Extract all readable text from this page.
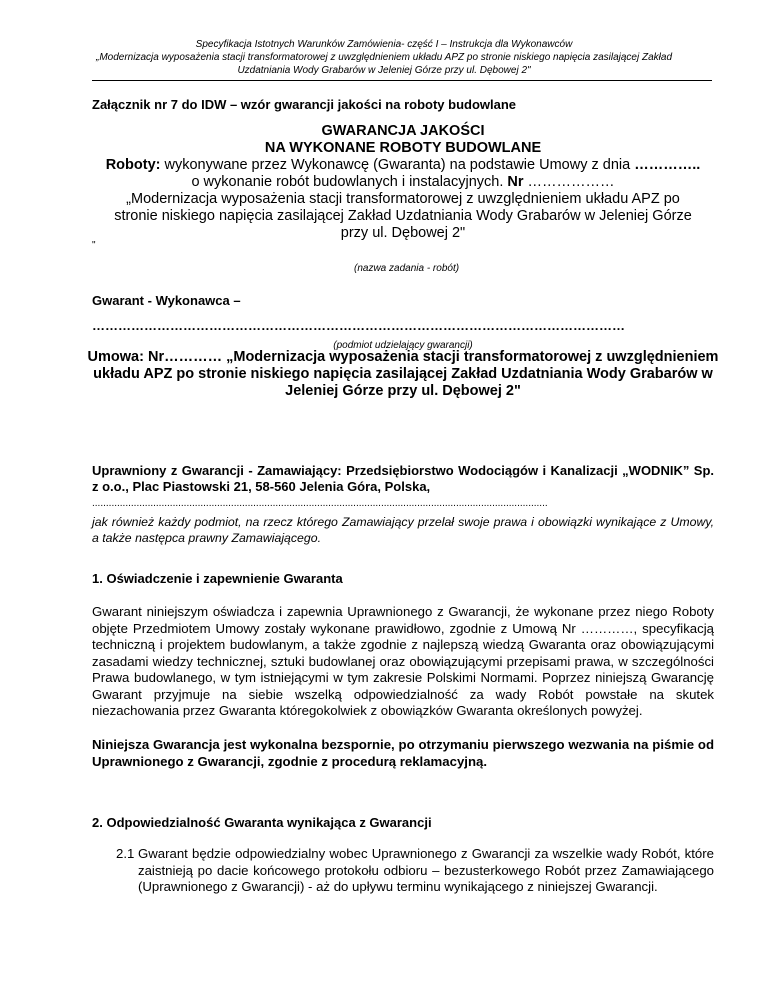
Specyfikacja Istotnych Warunków Zamówienia- część I – Instrukcja dla Wykonawców
„Modernizacja wyposażenia stacji transformatorowej z uwzględnieniem układu APZ po stronie niskiego napięcia zasilającej Zakład
Uzdatniania Wody Grabarów w Jeleniej Górze przy ul. Dębowej 2"
Załącznik nr 7 do IDW – wzór gwarancji jakości na roboty budowlane
GWARANCJA JAKOŚCI
NA WYKONANE ROBOTY BUDOWLANE
Roboty: wykonywane przez Wykonawcę (Gwaranta) na podstawie Umowy z dnia …………..
o wykonanie robót budowlanych i instalacyjnych. Nr ………………
„Modernizacja wyposażenia stacji transformatorowej z uwzględnieniem układu APZ po stronie niskiego napięcia zasilającej Zakład Uzdatniania Wody Grabarów w Jeleniej Górze przy ul. Dębowej 2"
"
(nazwa zadania - robót)
Gwarant - Wykonawca –
……………………………………………………………………………………………………………
(podmiot udzielający gwarancji)
Umowa: Nr………… „Modernizacja wyposażenia stacji transformatorowej z uwzględnieniem układu APZ po stronie niskiego napięcia zasilającej Zakład Uzdatniania Wody Grabarów w Jeleniej Górze przy ul. Dębowej 2"
Uprawniony z Gwarancji - Zamawiający: Przedsiębiorstwo Wodociągów i Kanalizacji „WODNIK” Sp. z o.o., Plac Piastowski 21, 58-560 Jelenia Góra, Polska,
....................................................................................................................................................................
jak również każdy podmiot, na rzecz którego Zamawiający przelał swoje prawa i obowiązki wynikające z Umowy, a także następca prawny Zamawiającego.
1. Oświadczenie i zapewnienie Gwaranta
Gwarant niniejszym oświadcza i zapewnia Uprawnionego z Gwarancji, że wykonane przez niego Roboty objęte Przedmiotem Umowy zostały wykonane prawidłowo, zgodnie z Umową Nr …………, specyfikacją techniczną i projektem budowlanym, a także zgodnie z najlepszą wiedzą Gwaranta oraz obowiązującymi zasadami wiedzy technicznej, sztuki budowlanej oraz obowiązującymi przepisami prawa, w szczególności Prawa budowlanego, w tym istniejącymi w tym zakresie Polskimi Normami. Poprzez niniejszą Gwarancję Gwarant przyjmuje na siebie wszelką odpowiedzialność za wady Robót powstałe na skutek niezachowania przez Gwaranta któregokolwiek z obowiązków Gwaranta określonych powyżej.
Niniejsza Gwarancja jest wykonalna bezspornie, po otrzymaniu pierwszego wezwania na piśmie od Uprawnionego z Gwarancji, zgodnie z procedurą reklamacyjną.
2. Odpowiedzialność Gwaranta wynikająca z Gwarancji
2.1 Gwarant będzie odpowiedzialny wobec Uprawnionego z Gwarancji za wszelkie wady Robót, które zaistnieją po dacie końcowego protokołu odbioru – bezusterkowego Robót przez Zamawiającego (Uprawnionego z Gwarancji) - aż do upływu terminu wynikającego z niniejszej Gwarancji.
